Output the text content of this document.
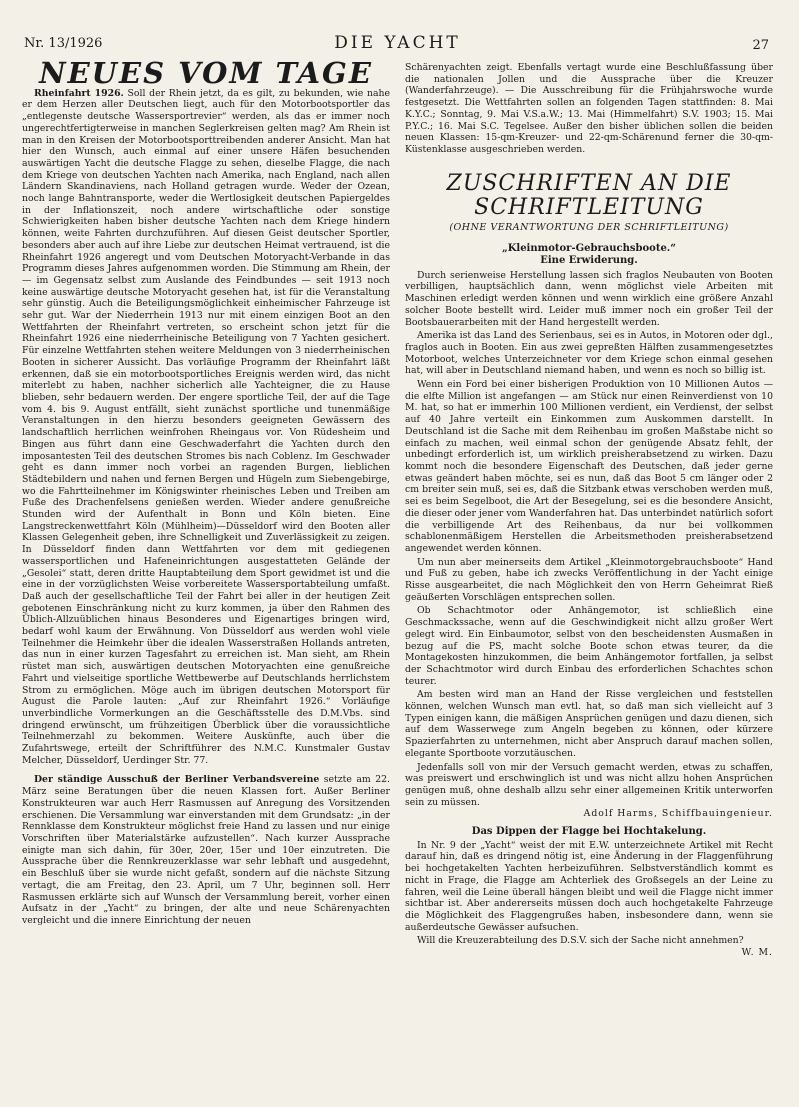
Nr. 13/1926	DIE YACHT	27
NEUES VOM TAGE

Rheinfahrt 1926. Soll der Rhein jetzt, da es gilt, zu bekunden, wie nahe er dem Herzen aller Deutschen liegt, auch für den Motorbootsportler das „entlegenste deutsche Wassersportrevier“ werden, als das er immer noch ungerechtfertigterweise in manchen Seglerkreisen gelten mag? Am Rhein ist man in den Kreisen der Motorbootsporttreibenden anderer Ansicht. Man hat hier den Wunsch, auch einmal auf einer unsere Häfen besuchenden auswärtigen Yacht die deutsche Flagge zu sehen, dieselbe Flagge, die nach dem Kriege von deutschen Yachten nach Amerika, nach England, nach allen Ländern Skandinaviens, nach Holland getragen wurde. Weder der Ozean, noch lange Bahntransporte, weder die Wertlosigkeit deutschen Papiergeldes in der Inflationszeit, noch andere wirtschaftliche oder sonstige Schwierigkeiten haben bisher deutsche Yachten nach dem Kriege hindern können, weite Fahrten durchzuführen. Auf diesen Geist deutscher Sportler, besonders aber auch auf ihre Liebe zur deutschen Heimat vertrauend, ist die Rheinfahrt 1926 angeregt und vom Deutschen Motoryacht-Verbande in das Programm dieses Jahres aufgenommen worden. Die Stimmung am Rhein, der — im Gegensatz selbst zum Auslande des Feindbundes — seit 1913 noch keine auswärtige deutsche Motoryacht gesehen hat, ist für die Veranstaltung sehr günstig. Auch die Beteiligungsmöglichkeit einheimischer Fahrzeuge ist sehr gut. War der Niederrhein 1913 nur mit einem einzigen Boot an den Wettfahrten der Rheinfahrt vertreten, so erscheint schon jetzt für die Rheinfahrt 1926 eine niederrheinische Beteiligung von 7 Yachten gesichert. Für einzelne Wettfahrten stehen weitere Meldungen von 3 niederrheinischen Booten in sicherer Aussicht. Das vorläufige Programm der Rheinfahrt läßt erkennen, daß sie ein motorbootsportliches Ereignis werden wird, das nicht miterlebt zu haben, nachher sicherlich alle Yachteigner, die zu Hause blieben, sehr bedauern werden. Der engere sportliche Teil, der auf die Tage vom 4. bis 9. August entfällt, sieht zunächst sportliche und tunenmäßige Veranstaltungen in den hierzu besonders geeigneten Gewässern des landschaftlich herrlichen weinfrohen Rheingaus vor. Von Rüdesheim und Bingen aus führt dann eine Geschwaderfahrt die Yachten durch den imposantesten Teil des deutschen Stromes bis nach Coblenz. Im Geschwader geht es dann immer noch vorbei an ragenden Burgen, lieblichen Städtebildern und nahen und fernen Bergen und Hügeln zum Siebengebirge, wo die Fahrtteilnehmer im Königswinter rheinisches Leben und Treiben am Fuße des Drachenfelsens genießen werden. Wieder andere genußreiche Stunden wird der Aufenthalt in Bonn und Köln bieten. Eine Langstreckenwettfahrt Köln (Mühlheim)—Düsseldorf wird den Booten aller Klassen Gelegenheit geben, ihre Schnelligkeit und Zuverlässigkeit zu zeigen. In Düsseldorf finden dann Wettfahrten vor dem mit gediegenen wassersportlichen und Hafeneinrichtungen ausgestatteten Gelände der „Gesolei“ statt, deren dritte Hauptabteilung dem Sport gewidmet ist und die eine in der vorzüglichsten Weise vorbereitete Wassersportabteilung umfaßt. Daß auch der gesellschaftliche Teil der Fahrt bei aller in der heutigen Zeit gebotenen Einschränkung nicht zu kurz kommen, ja über den Rahmen des Üblich-Allzuüblichen hinaus Besonderes und Eigenartiges bringen wird, bedarf wohl kaum der Erwähnung. Von Düsseldorf aus werden wohl viele Teilnehmer die Heimkehr über die idealen Wasserstraßen Hollands antreten, das nun in einer kurzen Tagesfahrt zu erreichen ist. Man sieht, am Rhein rüstet man sich, auswärtigen deutschen Motoryachten eine genußreiche Fahrt und vielseitige sportliche Wettbewerbe auf Deutschlands herrlichstem Strom zu ermöglichen. Möge auch im übrigen deutschen Motorsport für August die Parole lauten: „Auf zur Rheinfahrt 1926.“ Vorläufige unverbindliche Vormerkungen an die Geschäftsstelle des D.M.Vbs. sind dringend erwünscht, um frühzeitigen Überblick über die voraussichtliche Teilnehmerzahl zu bekommen. Weitere Auskünfte, auch über die Zufahrtswege, erteilt der Schriftführer des N.M.C. Kunstmaler Gustav Melcher, Düsseldorf, Uerdinger Str. 77.

Der ständige Ausschuß der Berliner Verbandsvereine setzte am 22. März seine Beratungen über die neuen Klassen fort. Außer Berliner Konstrukteuren war auch Herr Rasmussen auf Anregung des Vorsitzenden erschienen. Die Versammlung war einverstanden mit dem Grundsatz: „in der Rennklasse dem Konstrukteur möglichst freie Hand zu lassen und nur einige Vorschriften über Materialstärke aufzustellen“. Nach kurzer Aussprache einigte man sich dahin, für 30er, 20er, 15er und 10er einzutreten. Die Aussprache über die Rennkreuzerklasse war sehr lebhaft und ausgedehnt, ein Beschluß über sie wurde nicht gefaßt, sondern auf die nächste Sitzung vertagt, die am Freitag, den 23. April, um 7 Uhr, beginnen soll. Herr Rasmussen erklärte sich auf Wunsch der Versammlung bereit, vorher einen Aufsatz in der „Yacht“ zu bringen, der alte und neue Schärenyachten vergleicht und die innere Einrichtung der neuen

Schärenyachten zeigt. Ebenfalls vertagt wurde eine Beschlußfassung über die nationalen Jollen und die Aussprache über die Kreuzer (Wanderfahrzeuge). — Die Ausschreibung für die Frühjahrswoche wurde festgesetzt. Die Wettfahrten sollen an folgenden Tagen stattfinden: 8. Mai K.Y.C.; Sonntag, 9. Mai V.S.a.W.; 13. Mai (Himmelfahrt) S.V. 1903; 15. Mai P.Y.C.; 16. Mai S.C. Tegelsee. Außer den bisher üblichen sollen die beiden neuen Klassen: 15-qm-Kreuzer- und 22-qm-Schärenund ferner die 30-qm-Küstenklasse ausgeschrieben werden.

ZUSCHRIFTEN AN DIE SCHRIFTLEITUNG
(OHNE VERANTWORTUNG DER SCHRIFTLEITUNG)
„Kleinmotor-Gebrauchsboote.“
Eine Erwiderung.

Durch serienweise Herstellung lassen sich fraglos Neubauten von Booten verbilligen, hauptsächlich dann, wenn möglichst viele Arbeiten mit Maschinen erledigt werden können und wenn wirklich eine größere Anzahl solcher Boote bestellt wird. Leider muß immer noch ein großer Teil der Bootsbauerarbeiten mit der Hand hergestellt werden.

Amerika ist das Land des Serienbaus, sei es in Autos, in Motoren oder dgl., fraglos auch in Booten. Ein aus zwei gepreßten Hälften zusammengesetztes Motorboot, welches Unterzeichneter vor dem Kriege schon einmal gesehen hat, will aber in Deutschland niemand haben, und wenn es noch so billig ist.

Wenn ein Ford bei einer bisherigen Produktion von 10 Millionen Autos — die elfte Million ist angefangen — am Stück nur einen Reinverdienst von 10 M. hat, so hat er immerhin 100 Millionen verdient, ein Verdienst, der selbst auf 40 Jahre verteilt ein Einkommen zum Auskommen darstellt. In Deutschland ist die Sache mit dem Reihenbau im großen Maßstabe nicht so einfach zu machen, weil einmal schon der genügende Absatz fehlt, der unbedingt erforderlich ist, um wirklich preisherabsetzend zu wirken. Dazu kommt noch die besondere Eigenschaft des Deutschen, daß jeder gerne etwas geändert haben möchte, sei es nun, daß das Boot 5 cm länger oder 2 cm breiter sein muß, sei es, daß die Sitzbank etwas verschoben werden muß, sei es beim Segelboot, die Art der Besegelung, sei es die besondere Ansicht, die dieser oder jener vom Wanderfahren hat. Das unterbindet natürlich sofort die verbilligende Art des Reihenbaus, da nur bei vollkommen schablonenmäßigem Herstellen die Arbeitsmethoden preisherabsetzend angewendet werden können.

Um nun aber meinerseits dem Artikel „Kleinmotorgebrauchsboote“ Hand und Fuß zu geben, habe ich zwecks Veröffentlichung in der Yacht einige Risse ausgearbeitet, die nach Möglichkeit den von Herrn Geheimrat Rieß geäußerten Vorschlägen entsprechen sollen.

Ob Schachtmotor oder Anhängemotor, ist schließlich eine Geschmackssache, wenn auf die Geschwindigkeit nicht allzu großer Wert gelegt wird. Ein Einbaumotor, selbst von den bescheidensten Ausmaßen in bezug auf die PS, macht solche Boote schon etwas teurer, da die Montagekosten hinzukommen, die beim Anhängemotor fortfallen, ja selbst der Schachtmotor wird durch Einbau des erforderlichen Schachtes schon teurer.

Am besten wird man an Hand der Risse vergleichen und feststellen können, welchen Wunsch man evtl. hat, so daß man sich vielleicht auf 3 Typen einigen kann, die mäßigen Ansprüchen genügen und dazu dienen, sich auf dem Wasserwege zum Angeln begeben zu können, oder kürzere Spazierfahrten zu unternehmen, nicht aber Anspruch darauf machen sollen, elegante Sportboote vorzutäuschen.

Jedenfalls soll von mir der Versuch gemacht werden, etwas zu schaffen, was preiswert und erschwinglich ist und was nicht allzu hohen Ansprüchen genügen muß, ohne deshalb allzu sehr einer allgemeinen Kritik unterworfen sein zu müssen.

Adolf Harms, Schiffbauingenieur.
Das Dippen der Flagge bei Hochtakelung.

In Nr. 9 der „Yacht“ weist der mit E.W. unterzeichnete Artikel mit Recht darauf hin, daß es dringend nötig ist, eine Änderung in der Flaggenführung bei hochgetakelten Yachten herbeizuführen. Selbstverständlich kommt es nicht in Frage, die Flagge am Achterliek des Großsegels an der Leine zu fahren, weil die Leine überall hängen bleibt und weil die Flagge nicht immer sichtbar ist. Aber andererseits müssen doch auch hochgetakelte Fahrzeuge die Möglichkeit des Flaggengrußes haben, insbesondere dann, wenn sie außerdeutsche Gewässer aufsuchen.

Will die Kreuzerabteilung des D.S.V. sich der Sache nicht annehmen?

W. M.
